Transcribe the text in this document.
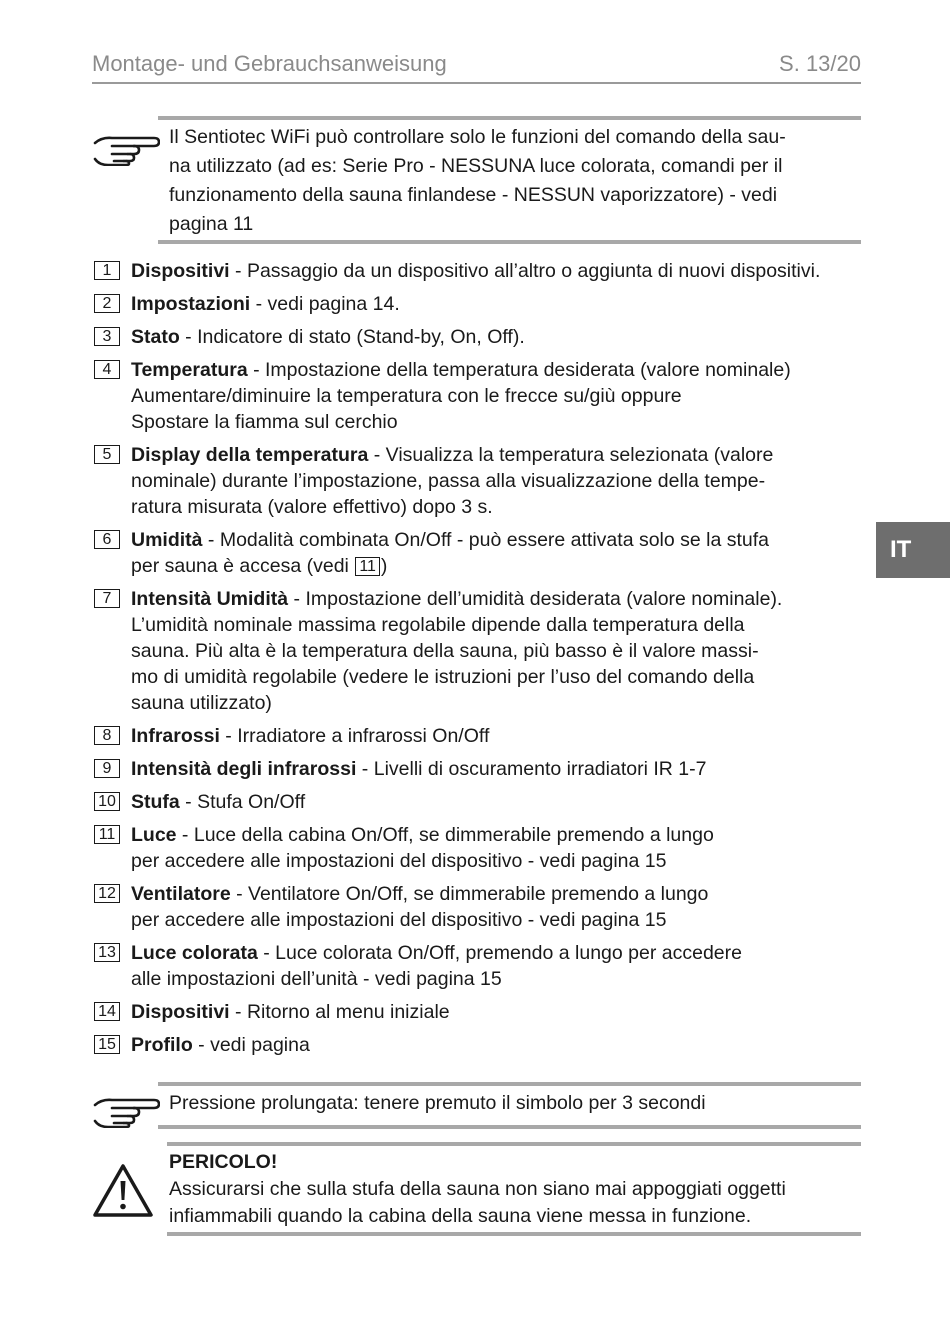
Montage- und Gebrauchsanweisung	S. 13/20
IT
Il Sentiotec WiFi può controllare solo le funzioni del comando della sau-
na utilizzato (ad es: Serie Pro - NESSUNA luce colorata, comandi per il
funzionamento della sauna finlandese - NESSUN vaporizzatore) - vedi
pagina 11
1	Dispositivi - Passaggio da un dispositivo all’altro o aggiunta di nuovi dispositivi.
2	Impostazioni - vedi pagina 14.
3	Stato - Indicatore di stato (Stand-by, On, Off).
4	Temperatura - Impostazione della temperatura desiderata (valore nominale)
Aumentare/diminuire la temperatura con le frecce su/giù oppure
Spostare la fiamma sul cerchio
5	Display della temperatura - Visualizza la temperatura selezionata (valore
nominale) durante l’impostazione, passa alla visualizzazione della tempe-
ratura misurata (valore effettivo) dopo 3 s.
6	Umidità - Modalità combinata On/Off - può essere attivata solo se la stufa
per sauna è accesa (vedi 11 )
7	Intensità Umidità - Impostazione dell’umidità desiderata (valore nominale).
L’umidità nominale massima regolabile dipende dalla temperatura della
sauna. Più alta è la temperatura della sauna, più basso è il valore massi-
mo di umidità regolabile (vedere le istruzioni per l’uso del comando della
sauna utilizzato)
8	Infrarossi - Irradiatore a infrarossi On/Off
9	Intensità degli infrarossi - Livelli di oscuramento irradiatori IR 1-7
10 Stufa - Stufa On/Off
11 Luce - Luce della cabina On/Off, se dimmerabile premendo a lungo
per accedere alle impostazioni del dispositivo - vedi pagina 15
12 Ventilatore - Ventilatore On/Off, se dimmerabile premendo a lungo
per accedere alle impostazioni del dispositivo - vedi pagina 15
13 Luce colorata - Luce colorata On/Off, premendo a lungo per accedere
alle impostazioni dell’unità - vedi pagina 15
14 Dispositivi - Ritorno al menu iniziale
15 Profilo - vedi pagina
Pressione prolungata: tenere premuto il simbolo per 3 secondi
PERICOLO!
Assicurarsi che sulla stufa della sauna non siano mai appoggiati oggetti
infiammabili quando la cabina della sauna viene messa in funzione.
